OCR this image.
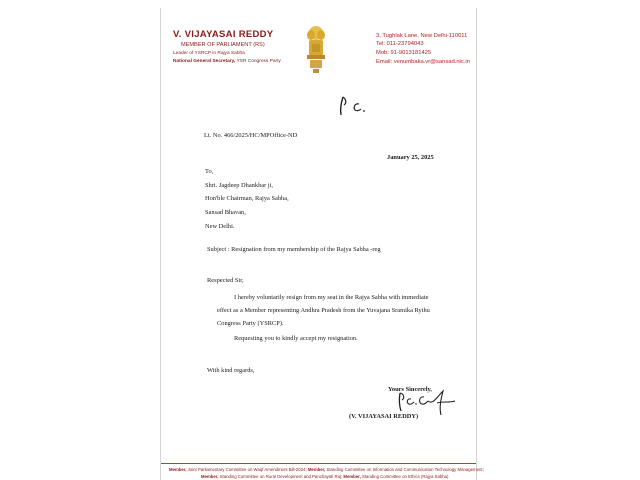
V. VIJAYASAI REDDY
MEMBER OF PARLIAMENT (RS)
Leader of YSRCP in Rajya Sabha
National General Secretary, YSR Congress Party
3, Tughlak Lane, New Delhi-110011
Tel: 011-23794043
Mob: 91-9013181425
Email: venumbaka.vr@sansad.nic.in
Lt. No. 466/2025/HC/MPOffice-ND
January 25, 2025
To,
Shri. Jagdeep Dhankhar ji,
Hon'ble Chairman, Rajya Sabha,
Sansad Bhavan,
New Delhi.
Subject : Resignation from my membership of the Rajya Sabha -reg
Respected Sir,
I hereby voluntarily resign from my seat in the Rajya Sabha with immediate
effect as a Member representing Andhra Pradesh from the Yuvajana Sramika Rythu
Congress Party (YSRCP).
Requesting you to kindly accept my resignation.
With kind regards,
Yours Sincerely,
(V. VIJAYASAI REDDY)
Member, Joint Parliamentary Committee on Waqf Amendment Bill-2024; Member, Standing Committee on Information and Communication Technology Management;
Member, Standing Committee on Rural Development and Panchayati Raj; Member, Standing Committee on Ethics (Rajya Sabha)
